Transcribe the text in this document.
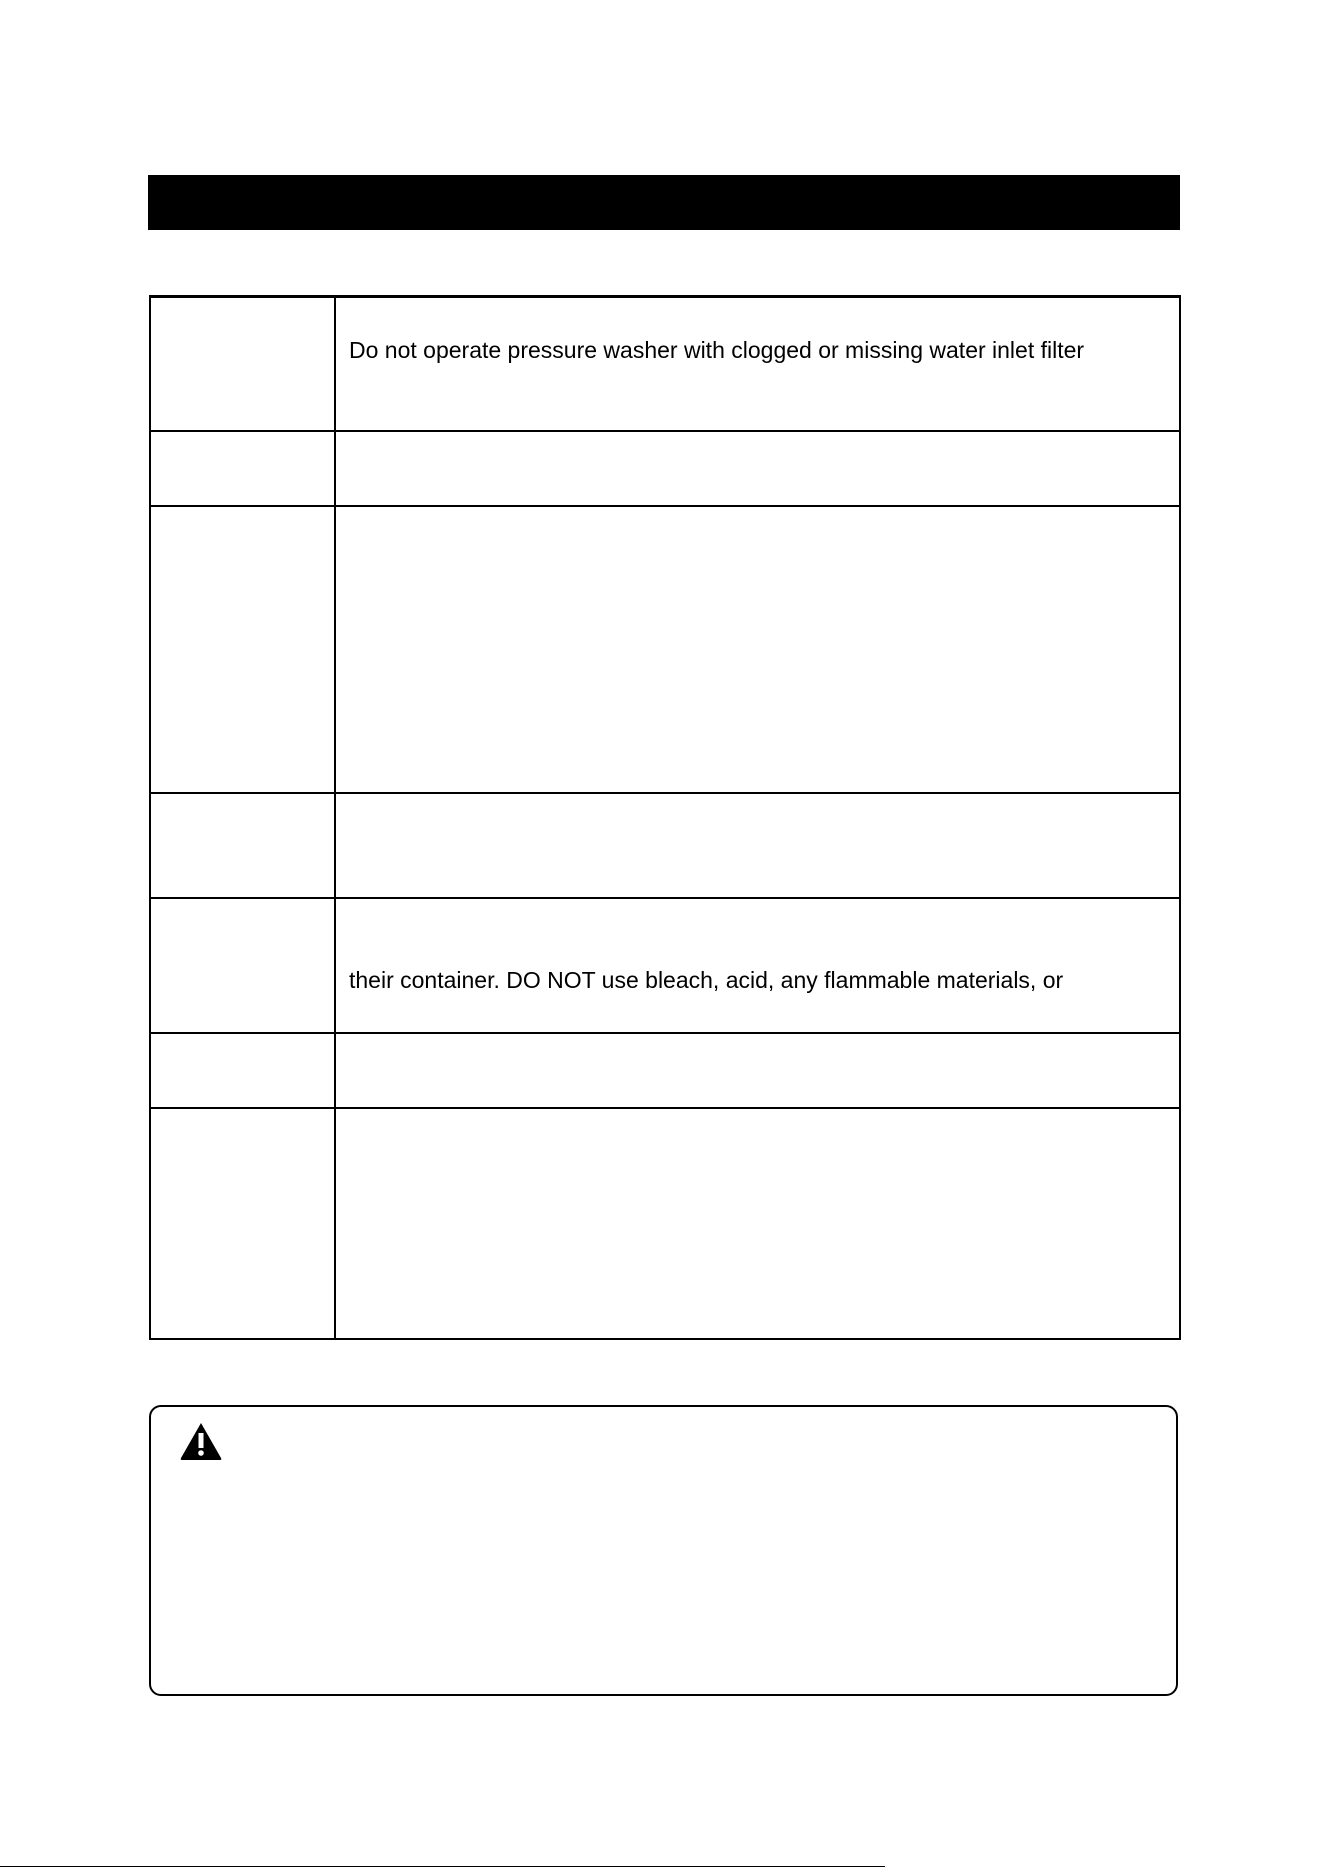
Do not operate pressure washer with clogged or missing water inlet filter
their container. DO NOT use bleach, acid, any flammable materials, or
